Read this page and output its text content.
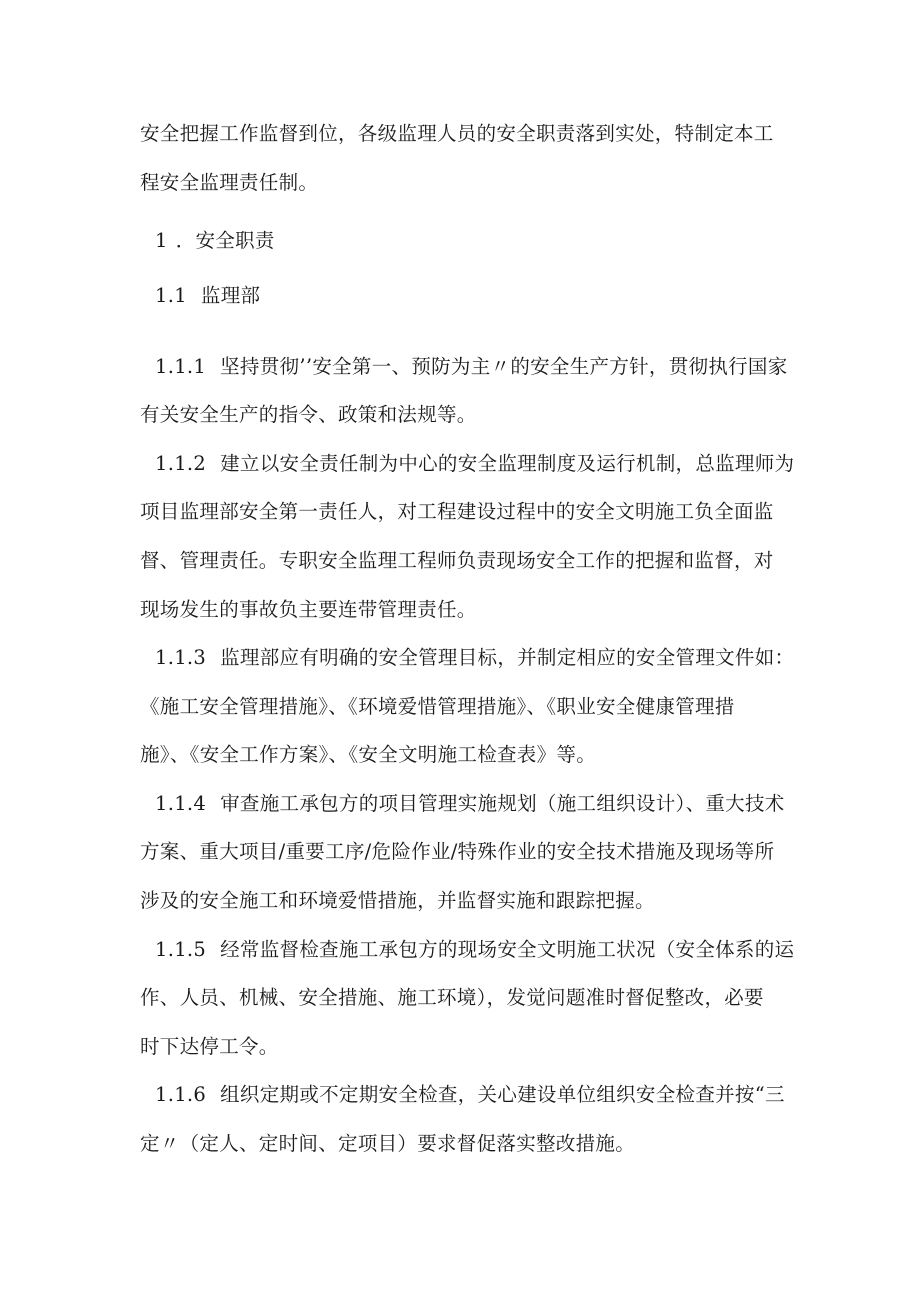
安全把握工作监督到位，各级监理人员的安全职责落到实处，特制定本工
程安全监理责任制。
1 ．安全职责
1.1 监理部
1.1.1 坚持贯彻’’安全第一、预防为主〃的安全生产方针，贯彻执行国家
有关安全生产的指令、政策和法规等。
1.1.2 建立以安全责任制为中心的安全监理制度及运行机制，总监理师为
项目监理部安全第一责任人，对工程建设过程中的安全文明施工负全面监
督、管理责任。专职安全监理工程师负责现场安全工作的把握和监督，对
现场发生的事故负主要连带管理责任。
1.1.3 监理部应有明确的安全管理目标，并制定相应的安全管理文件如：
《施工安全管理措施》、《环境爱惜管理措施》、《职业安全健康管理措
施》、《安全工作方案》、《安全文明施工检查表》等。
1.1.4 审查施工承包方的项目管理实施规划（施工组织设计）、重大技术
方案、重大项目/重要工序/危险作业/特殊作业的安全技术措施及现场等所
涉及的安全施工和环境爱惜措施，并监督实施和跟踪把握。
1.1.5 经常监督检查施工承包方的现场安全文明施工状况（安全体系的运
作、人员、机械、安全措施、施工环境），发觉问题准时督促整改，必要
时下达停工令。
1.1.6 组织定期或不定期安全检查，关心建设单位组织安全检查并按“三
定〃（定人、定时间、定项目）要求督促落实整改措施。
